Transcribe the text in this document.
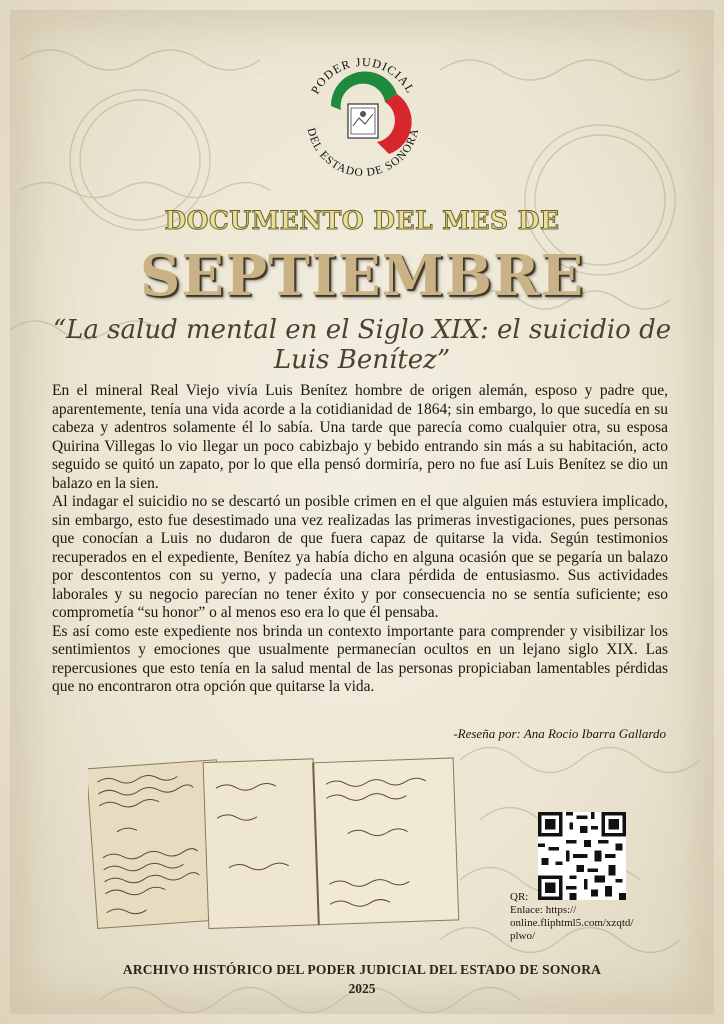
PODER JUDICIAL
DEL ESTADO DE SONORA
DOCUMENTO DEL MES DE
SEPTIEMBRE
“La salud mental en el Siglo XIX: el suicidio de Luis Benítez”

En el mineral Real Viejo vivía Luis Benítez hombre de origen alemán, esposo y padre que, aparentemente, tenía una vida acorde a la cotidianidad de 1864; sin embargo, lo que sucedía en su cabeza y adentros solamente él lo sabía. Una tarde que parecía como cualquier otra, su esposa Quirina Villegas lo vio llegar un poco cabizbajo y bebido entrando sin más a su habitación, acto seguido se quitó un zapato, por lo que ella pensó dormiría, pero no fue así Luis Benítez se dio un balazo en la sien.

Al indagar el suicidio no se descartó un posible crimen en el que alguien más estuviera implicado, sin embargo, esto fue desestimado una vez realizadas las primeras investigaciones, pues personas que conocían a Luis no dudaron de que fuera capaz de quitarse la vida. Según testimonios recuperados en el expediente, Benítez ya había dicho en alguna ocasión que se pegaría un balazo por descontentos con su yerno, y padecía una clara pérdida de entusiasmo. Sus actividades laborales y su negocio parecían no tener éxito y por consecuencia no se sentía suficiente; eso comprometía “su honor” o al menos eso era lo que él pensaba.

Es así como este expediente nos brinda un contexto importante para comprender y visibilizar los sentimientos y emociones que usualmente permanecían ocultos en un lejano siglo XIX. Las repercusiones que esto tenía en la salud mental de las personas propiciaban lamentables pérdidas que no encontraron otra opción que quitarse la vida.

-Reseña por: Ana Rocio Ibarra Gallardo
QR:
Enlace: https://
online.fliphtml5.com/xzqtd/
plwo/
ARCHIVO HISTÓRICO DEL PODER JUDICIAL DEL ESTADO DE SONORA
2025
